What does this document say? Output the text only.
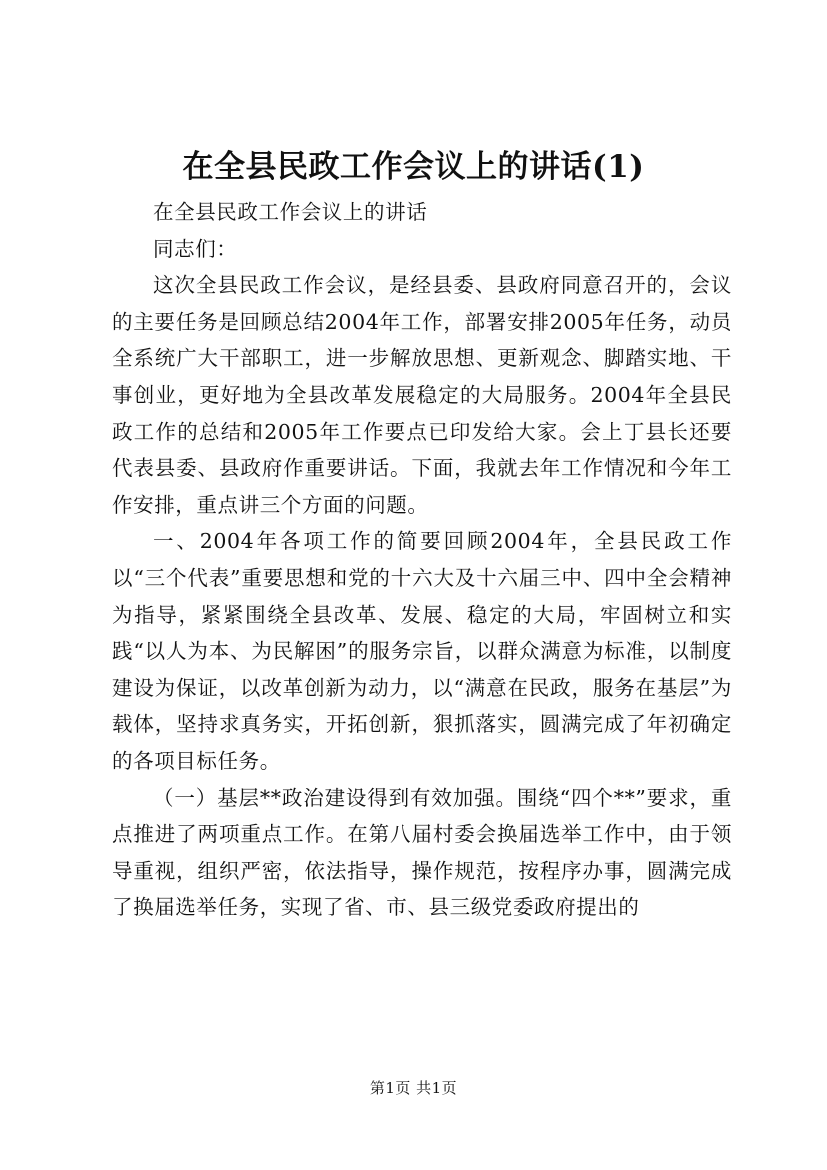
在全县民政工作会议上的讲话(1)

在全县民政工作会议上的讲话

同志们：

这次全县民政工作会议，是经县委、县政府同意召开的，会议的主要任务是回顾总结2004年工作，部署安排2005年任务，动员全系统广大干部职工，进一步解放思想、更新观念、脚踏实地、干事创业，更好地为全县改革发展稳定的大局服务。2004年全县民政工作的总结和2005年工作要点已印发给大家。会上丁县长还要代表县委、县政府作重要讲话。下面，我就去年工作情况和今年工作安排，重点讲三个方面的问题。

一、2004年各项工作的简要回顾2004年，全县民政工作以“三个代表”重要思想和党的十六大及十六届三中、四中全会精神为指导，紧紧围绕全县改革、发展、稳定的大局，牢固树立和实践“以人为本、为民解困”的服务宗旨，以群众满意为标准，以制度建设为保证，以改革创新为动力，以“满意在民政，服务在基层”为载体，坚持求真务实，开拓创新，狠抓落实，圆满完成了年初确定的各项目标任务。

（一）基层**政治建设得到有效加强。围绕“四个**”要求，重点推进了两项重点工作。在第八届村委会换届选举工作中，由于领导重视，组织严密，依法指导，操作规范，按程序办事，圆满完成了换届选举任务，实现了省、市、县三级党委政府提出的

第1页 共1页
